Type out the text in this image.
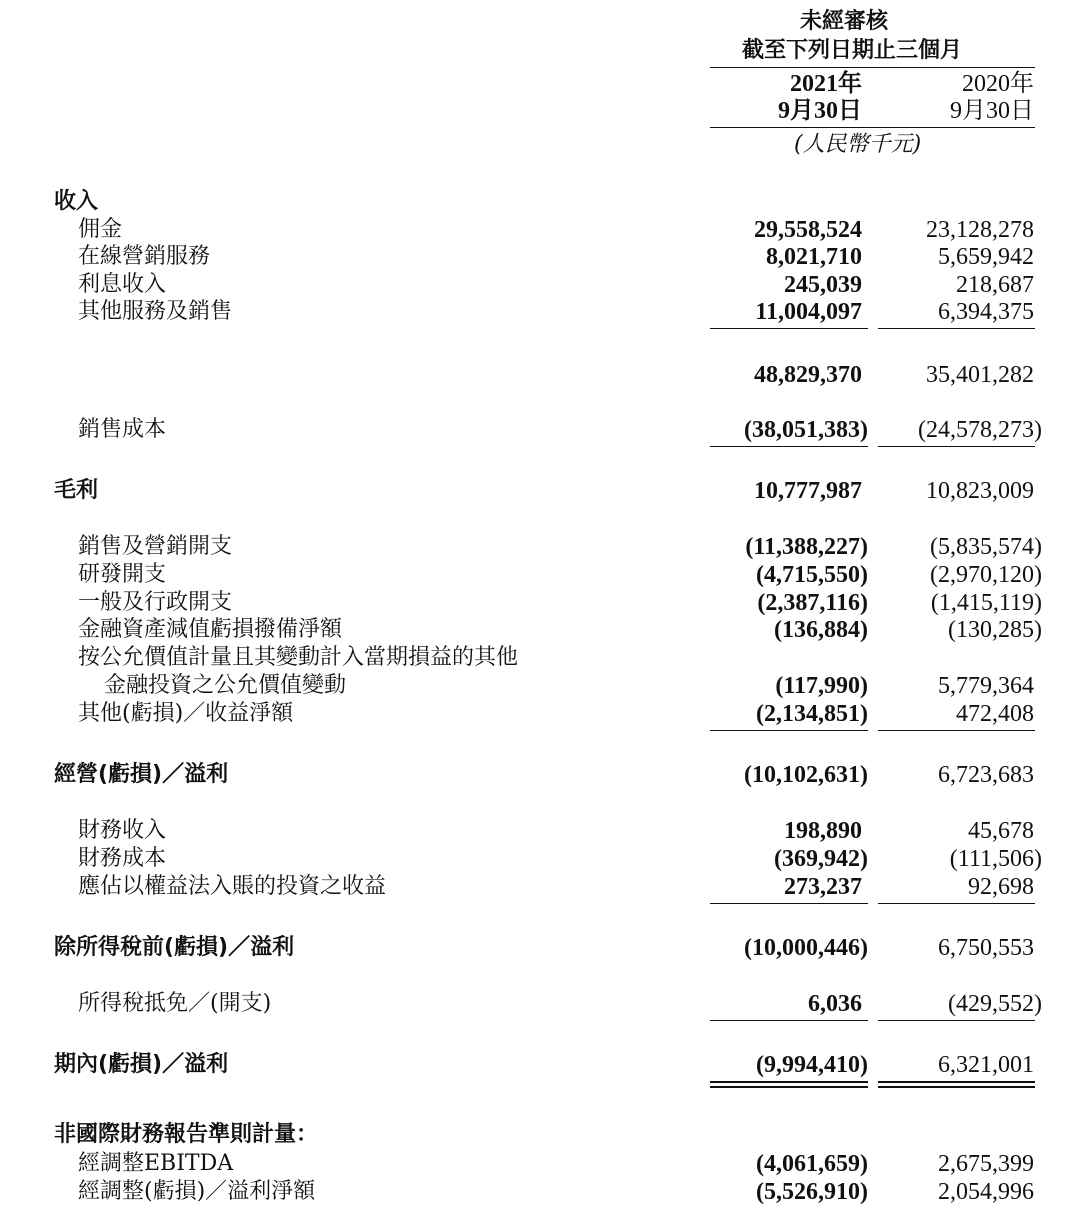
未經審核
截至下列日期止三個月
2021年
9月30日
2020年
9月30日
(人民幣千元)
收入
佣金	29,558,524	23,128,278
在線營銷服務	8,021,710	5,659,942
利息收入	245,039	218,687
其他服務及銷售	11,004,097	6,394,375
48,829,370	35,401,282
銷售成本	(38,051,383) (24,578,273)
毛利	10,777,987	10,823,009
銷售及營銷開支	(11,388,227)	(5,835,574)
研發開支	(4,715,550)	(2,970,120)
一般及行政開支	(2,387,116)	(1,415,119)
金融資產減值虧損撥備淨額	(136,884)	(130,285)
按公允價值計量且其變動計入當期損益的其他
金融投資之公允價值變動	(117,990)	5,779,364
其他(虧損)／收益淨額	(2,134,851)	472,408
經營(虧損)／溢利	(10,102,631)	6,723,683
財務收入	198,890	45,678
財務成本	(369,942)	(111,506)
應佔以權益法入賬的投資之收益	273,237	92,698
除所得稅前(虧損)／溢利	(10,000,446)	6,750,553
所得稅抵免／(開支)	6,036	(429,552)
期內(虧損)／溢利	(9,994,410)	6,321,001
非國際財務報告準則計量：
經調整EBITDA	(4,061,659)	2,675,399
經調整(虧損)／溢利淨額	(5,526,910)	2,054,996
